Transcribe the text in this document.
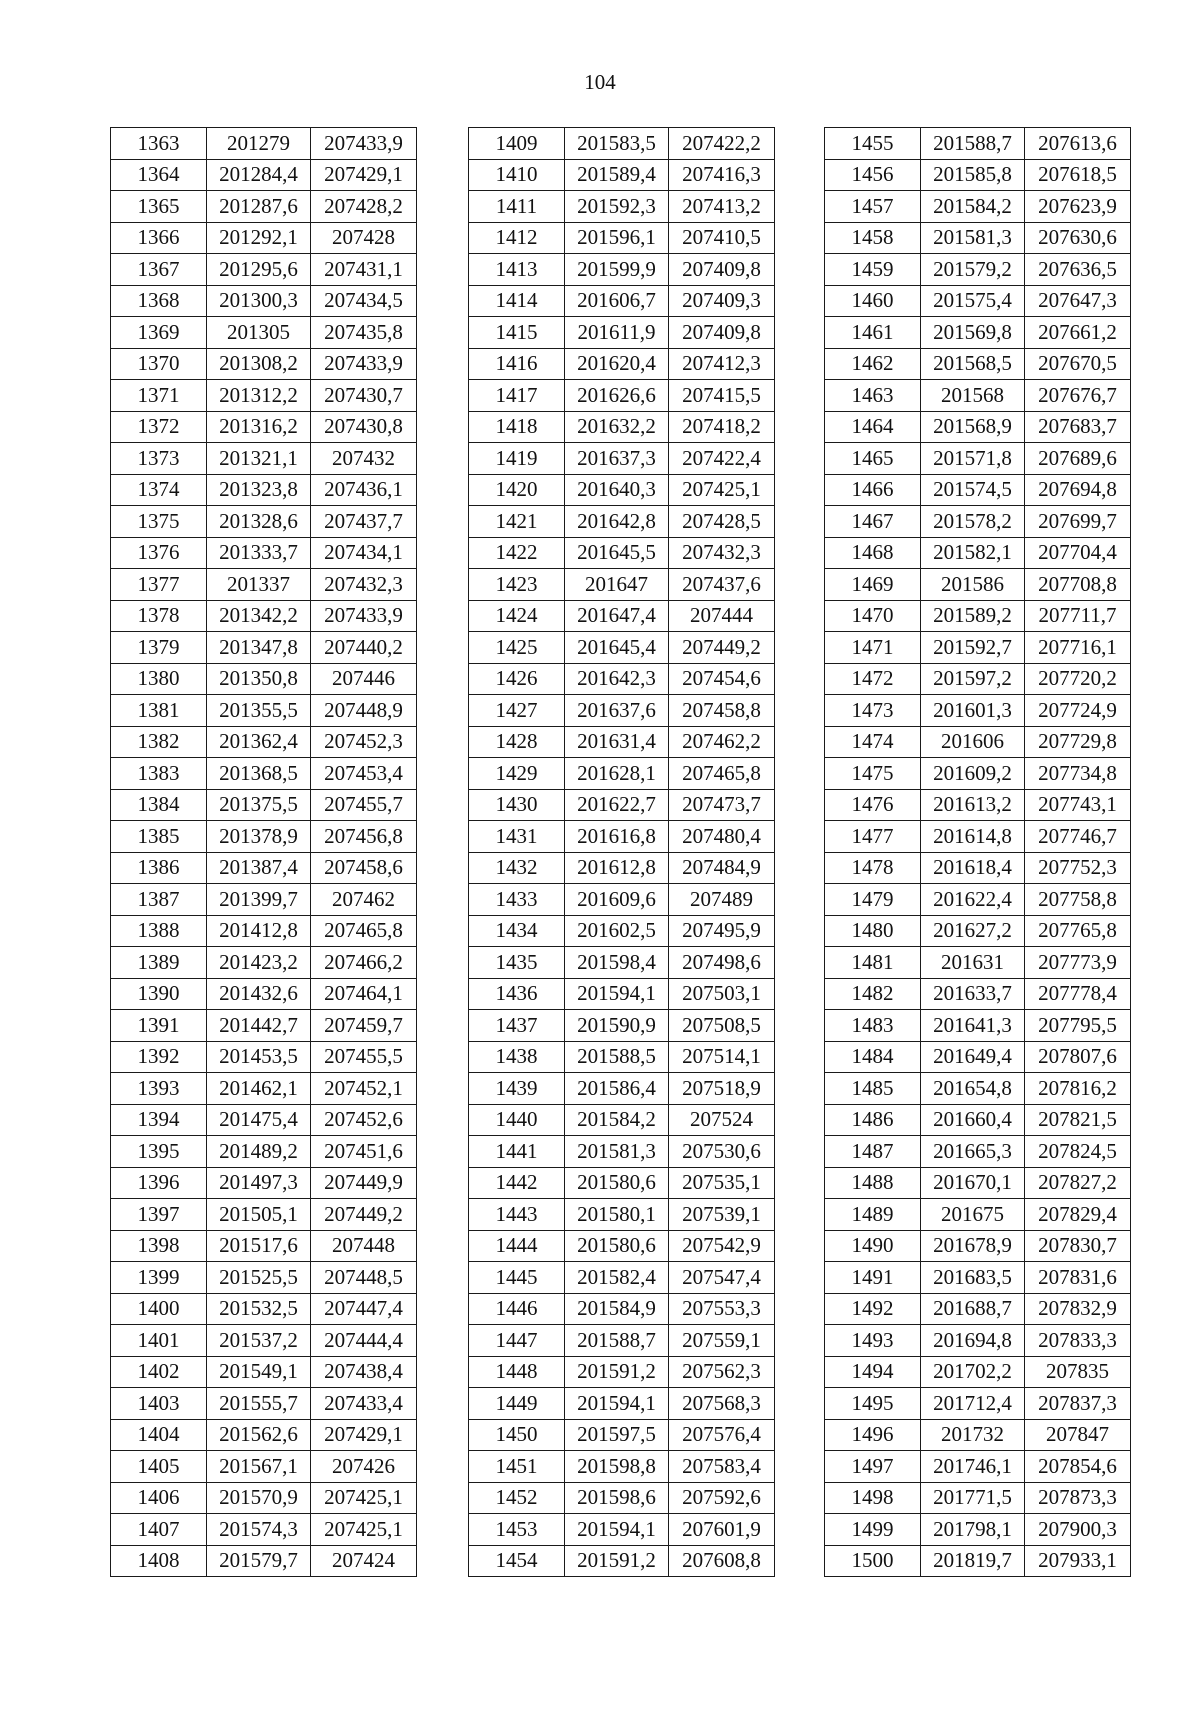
104
1363	201279	207433,9
1364	201284,4	207429,1
1365	201287,6	207428,2
1366	201292,1	207428
1367	201295,6	207431,1
1368	201300,3	207434,5
1369	201305	207435,8
1370	201308,2	207433,9
1371	201312,2	207430,7
1372	201316,2	207430,8
1373	201321,1	207432
1374	201323,8	207436,1
1375	201328,6	207437,7
1376	201333,7	207434,1
1377	201337	207432,3
1378	201342,2	207433,9
1379	201347,8	207440,2
1380	201350,8	207446
1381	201355,5	207448,9
1382	201362,4	207452,3
1383	201368,5	207453,4
1384	201375,5	207455,7
1385	201378,9	207456,8
1386	201387,4	207458,6
1387	201399,7	207462
1388	201412,8	207465,8
1389	201423,2	207466,2
1390	201432,6	207464,1
1391	201442,7	207459,7
1392	201453,5	207455,5
1393	201462,1	207452,1
1394	201475,4	207452,6
1395	201489,2	207451,6
1396	201497,3	207449,9
1397	201505,1	207449,2
1398	201517,6	207448
1399	201525,5	207448,5
1400	201532,5	207447,4
1401	201537,2	207444,4
1402	201549,1	207438,4
1403	201555,7	207433,4
1404	201562,6	207429,1
1405	201567,1	207426
1406	201570,9	207425,1
1407	201574,3	207425,1
1408	201579,7	207424
1409	201583,5	207422,2
1410	201589,4	207416,3
1411	201592,3	207413,2
1412	201596,1	207410,5
1413	201599,9	207409,8
1414	201606,7	207409,3
1415	201611,9	207409,8
1416	201620,4	207412,3
1417	201626,6	207415,5
1418	201632,2	207418,2
1419	201637,3	207422,4
1420	201640,3	207425,1
1421	201642,8	207428,5
1422	201645,5	207432,3
1423	201647	207437,6
1424	201647,4	207444
1425	201645,4	207449,2
1426	201642,3	207454,6
1427	201637,6	207458,8
1428	201631,4	207462,2
1429	201628,1	207465,8
1430	201622,7	207473,7
1431	201616,8	207480,4
1432	201612,8	207484,9
1433	201609,6	207489
1434	201602,5	207495,9
1435	201598,4	207498,6
1436	201594,1	207503,1
1437	201590,9	207508,5
1438	201588,5	207514,1
1439	201586,4	207518,9
1440	201584,2	207524
1441	201581,3	207530,6
1442	201580,6	207535,1
1443	201580,1	207539,1
1444	201580,6	207542,9
1445	201582,4	207547,4
1446	201584,9	207553,3
1447	201588,7	207559,1
1448	201591,2	207562,3
1449	201594,1	207568,3
1450	201597,5	207576,4
1451	201598,8	207583,4
1452	201598,6	207592,6
1453	201594,1	207601,9
1454	201591,2	207608,8
1455	201588,7	207613,6
1456	201585,8	207618,5
1457	201584,2	207623,9
1458	201581,3	207630,6
1459	201579,2	207636,5
1460	201575,4	207647,3
1461	201569,8	207661,2
1462	201568,5	207670,5
1463	201568	207676,7
1464	201568,9	207683,7
1465	201571,8	207689,6
1466	201574,5	207694,8
1467	201578,2	207699,7
1468	201582,1	207704,4
1469	201586	207708,8
1470	201589,2	207711,7
1471	201592,7	207716,1
1472	201597,2	207720,2
1473	201601,3	207724,9
1474	201606	207729,8
1475	201609,2	207734,8
1476	201613,2	207743,1
1477	201614,8	207746,7
1478	201618,4	207752,3
1479	201622,4	207758,8
1480	201627,2	207765,8
1481	201631	207773,9
1482	201633,7	207778,4
1483	201641,3	207795,5
1484	201649,4	207807,6
1485	201654,8	207816,2
1486	201660,4	207821,5
1487	201665,3	207824,5
1488	201670,1	207827,2
1489	201675	207829,4
1490	201678,9	207830,7
1491	201683,5	207831,6
1492	201688,7	207832,9
1493	201694,8	207833,3
1494	201702,2	207835
1495	201712,4	207837,3
1496	201732	207847
1497	201746,1	207854,6
1498	201771,5	207873,3
1499	201798,1	207900,3
1500	201819,7	207933,1
